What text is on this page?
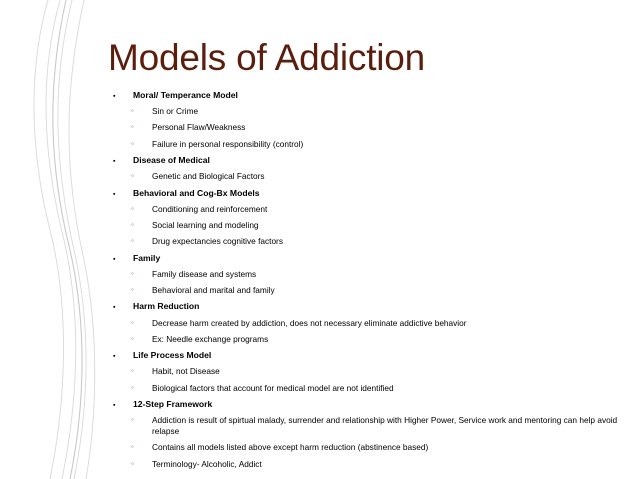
Models of Addiction
▪ Moral/ Temperance Model
◦ Sin or Crime
◦ Personal Flaw/Weakness
◦ Failure in personal responsibility (control)
▪ Disease of Medical
◦ Genetic and Biological Factors
▪ Behavioral and Cog-Bx Models
◦ Conditioning and reinforcement
◦ Social learning and modeling
◦ Drug expectancies cognitive factors
▪ Family
◦ Family disease and systems
◦ Behavioral and marital and family
▪ Harm Reduction
◦ Decrease harm created by addiction, does not necessary eliminate addictive behavior
◦ Ex: Needle exchange programs
▪ Life Process Model
◦ Habit, not Disease
◦ Biological factors that account for medical model are not identified
▪ 12-Step Framework
◦ Addiction is result of spirtual malady, surrender and relationship with Higher Power, Service work and mentoring can help avoid relapse
◦ Contains all models listed above except harm reduction (abstinence based)
◦ Terminology- Alcoholic, Addict
